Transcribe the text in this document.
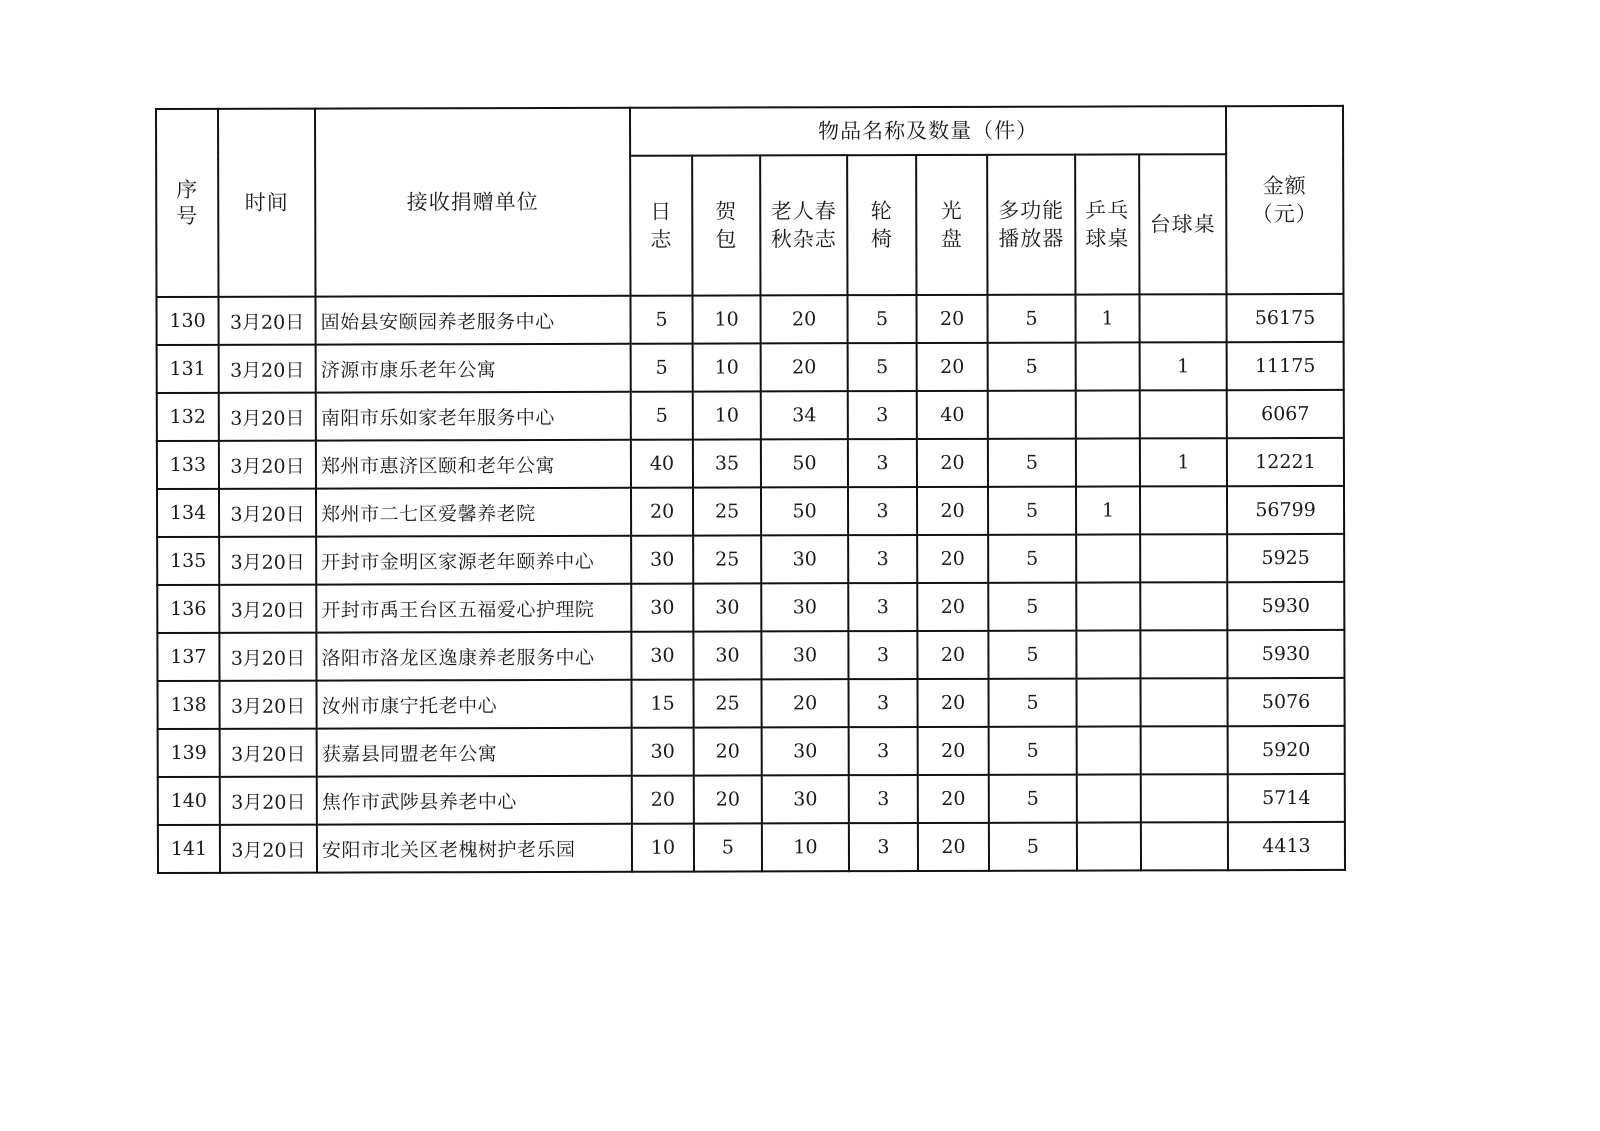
序号	时间	接收捐赠单位	物品名称及数量（件）								金额（元）

			日志	贺包	老人春秋杂志	轮椅	光盘	多功能播放器	乒乓球桌	台球桌	

130	3月20日	固始县安颐园养老服务中心	5	10	20	5	20	5	1		56175
131	3月20日	济源市康乐老年公寓	5	10	20	5	20	5		1	11175
132	3月20日	南阳市乐如家老年服务中心	5	10	34	3	40				6067
133	3月20日	郑州市惠济区颐和老年公寓	40	35	50	3	20	5		1	12221
134	3月20日	郑州市二七区爱馨养老院	20	25	50	3	20	5	1		56799
135	3月20日	开封市金明区家源老年颐养中心	30	25	30	3	20	5			5925
136	3月20日	开封市禹王台区五福爱心护理院	30	30	30	3	20	5			5930
137	3月20日	洛阳市洛龙区逸康养老服务中心	30	30	30	3	20	5			5930
138	3月20日	汝州市康宁托老中心	15	25	20	3	20	5			5076
139	3月20日	获嘉县同盟老年公寓	30	20	30	3	20	5			5920
140	3月20日	焦作市武陟县养老中心	20	20	30	3	20	5			5714
141	3月20日	安阳市北关区老槐树护老乐园	10	5	10	3	20	5			4413
